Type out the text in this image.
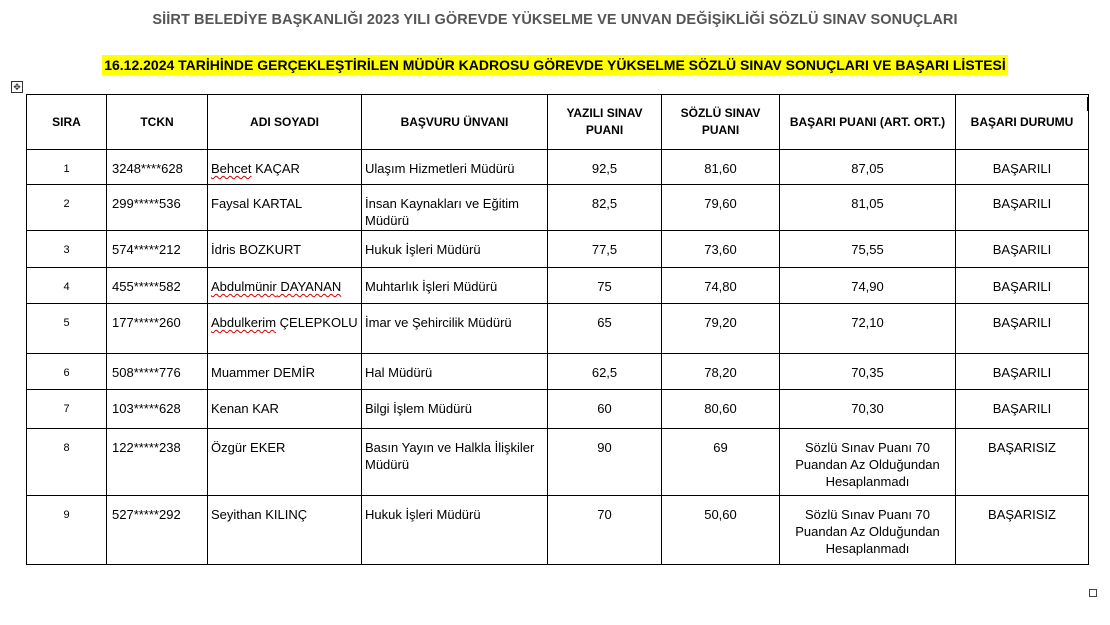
SİİRT BELEDİYE BAŞKANLIĞI 2023 YILI GÖREVDE YÜKSELME VE UNVAN DEĞİŞİKLİĞİ SÖZLÜ SINAV SONUÇLARI
16.12.2024 TARİHİNDE GERÇEKLEŞTİRİLEN MÜDÜR KADROSU GÖREVDE YÜKSELME SÖZLÜ SINAV SONUÇLARI VE BAŞARI LİSTESİ
✥
SIRA	TCKN	ADI SOYADI	BAŞVURU ÜNVANI	YAZILI SINAV PUANI	SÖZLÜ SINAV PUANI	BAŞARI PUANI (ART. ORT.)	BAŞARI DURUMU
1	3248****628	Behcet KAÇAR	Ulaşım Hizmetleri Müdürü	92,5	81,60	87,05	BAŞARILI
2	299*****536	Faysal KARTAL	İnsan Kaynakları ve Eğitim Müdürü	82,5	79,60	81,05	BAŞARILI
3	574*****212	İdris BOZKURT	Hukuk İşleri Müdürü	77,5	73,60	75,55	BAŞARILI
4	455*****582	Abdulmünir DAYANAN	Muhtarlık İşleri Müdürü	75	74,80	74,90	BAŞARILI
5	177*****260	Abdulkerim ÇELEPKOLU	İmar ve Şehircilik Müdürü	65	79,20	72,10	BAŞARILI
6	508*****776	Muammer DEMİR	Hal Müdürü	62,5	78,20	70,35	BAŞARILI
7	103*****628	Kenan KAR	Bilgi İşlem Müdürü	60	80,60	70,30	BAŞARILI
8	122*****238	Özgür EKER	Basın Yayın ve Halkla İlişkiler Müdürü	90	69	Sözlü Sınav Puanı 70 Puandan Az Olduğundan Hesaplanmadı	BAŞARISIZ
9	527*****292	Seyithan KILINÇ	Hukuk İşleri Müdürü	70	50,60	Sözlü Sınav Puanı 70 Puandan Az Olduğundan Hesaplanmadı	BAŞARISIZ
